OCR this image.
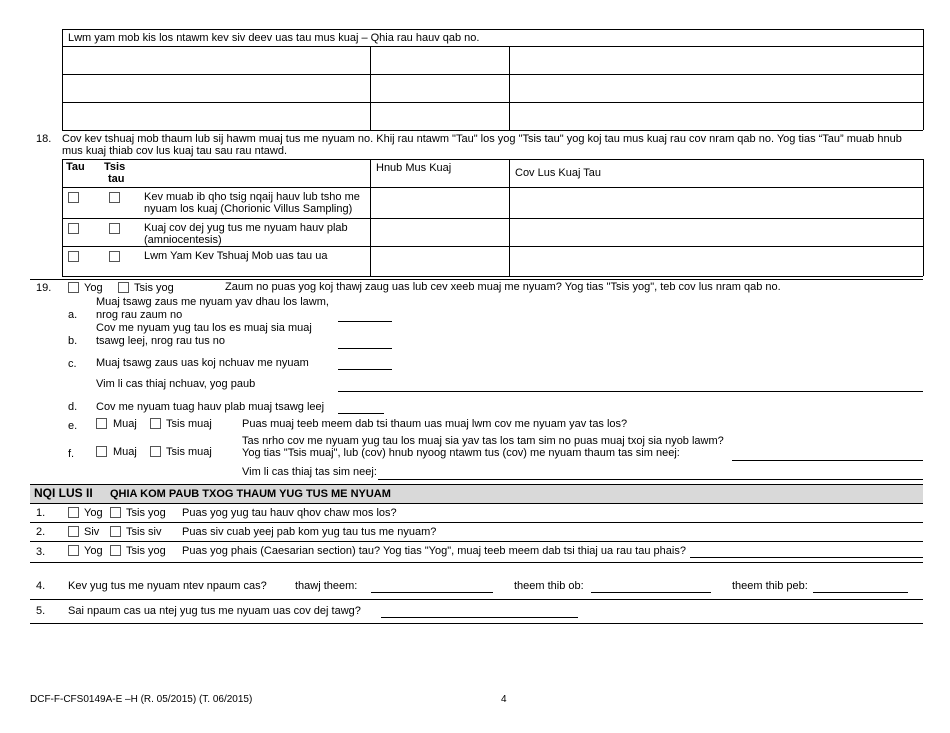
Lwm yam mob kis los ntawm kev siv deev uas tau mus kuaj – Qhia rau hauv qab no.
18. Cov kev tshuaj mob thaum lub sij hawm muaj tus me nyuam no. Khij rau ntawm "Tau" los yog "Tsis tau" yog koj tau mus kuaj rau cov nram qab no. Yog tias “Tau” muab hnub mus kuaj thiab cov lus kuaj tau sau rau ntawd.
Tau Tsis
tau
Hnub Mus Kuaj	Cov Lus Kuaj Tau
Kev muab ib qho tsig nqaij hauv lub tsho me nyuam los kuaj (Chorionic Villus Sampling)
Kuaj cov dej yug tus me nyuam hauv plab (amniocentesis)
Lwm Yam Kev Tshuaj Mob uas tau ua
19.	Yog	Tsis yog	Zaum no puas yog koj thawj zaug uas lub cev xeeb muaj me nyuam? Yog tias "Tsis yog", teb cov lus nram qab no.
a.
Muaj tsawg zaus me nyuam yav dhau los lawm,
nrog rau zaum no
b.
Cov me nyuam yug tau los es muaj sia muaj
tsawg leej, nrog rau tus no
c. Muaj tsawg zaus uas koj nchuav me nyuam
Vim li cas thiaj nchuav, yog paub
d. Cov me nyuam tuag hauv plab muaj tsawg leej
e.	Muaj	Tsis muaj	Puas muaj teeb meem dab tsi thaum uas muaj lwm cov me nyuam yav tas los?
f.	Muaj	Tsis muaj
Tas nrho cov me nyuam yug tau los muaj sia yav tas los tam sim no puas muaj txoj sia nyob lawm?
Yog tias "Tsis muaj", lub (cov) hnub nyoog ntawm tus (cov) me nyuam thaum tas sim neej:
Vim li cas thiaj tas sim neej:
NQI LUS II QHIA KOM PAUB TXOG THAUM YUG TUS ME NYUAM
1.	Yog Tsis yog Puas yog yug tau hauv qhov chaw mos los?
2.	Siv Tsis siv Puas siv cuab yeej pab kom yug tau tus me nyuam?
3.	Yog Tsis yog Puas yog phais (Caesarian section) tau? Yog tias "Yog", muaj teeb meem dab tsi thiaj ua rau tau phais?
4. Kev yug tus me nyuam ntev npaum cas?	thawj theem:	theem thib ob:	theem thib peb:
5. Sai npaum cas ua ntej yug tus me nyuam uas cov dej tawg?
DCF-F-CFS0149A-E –H (R. 05/2015) (T. 06/2015)	4
